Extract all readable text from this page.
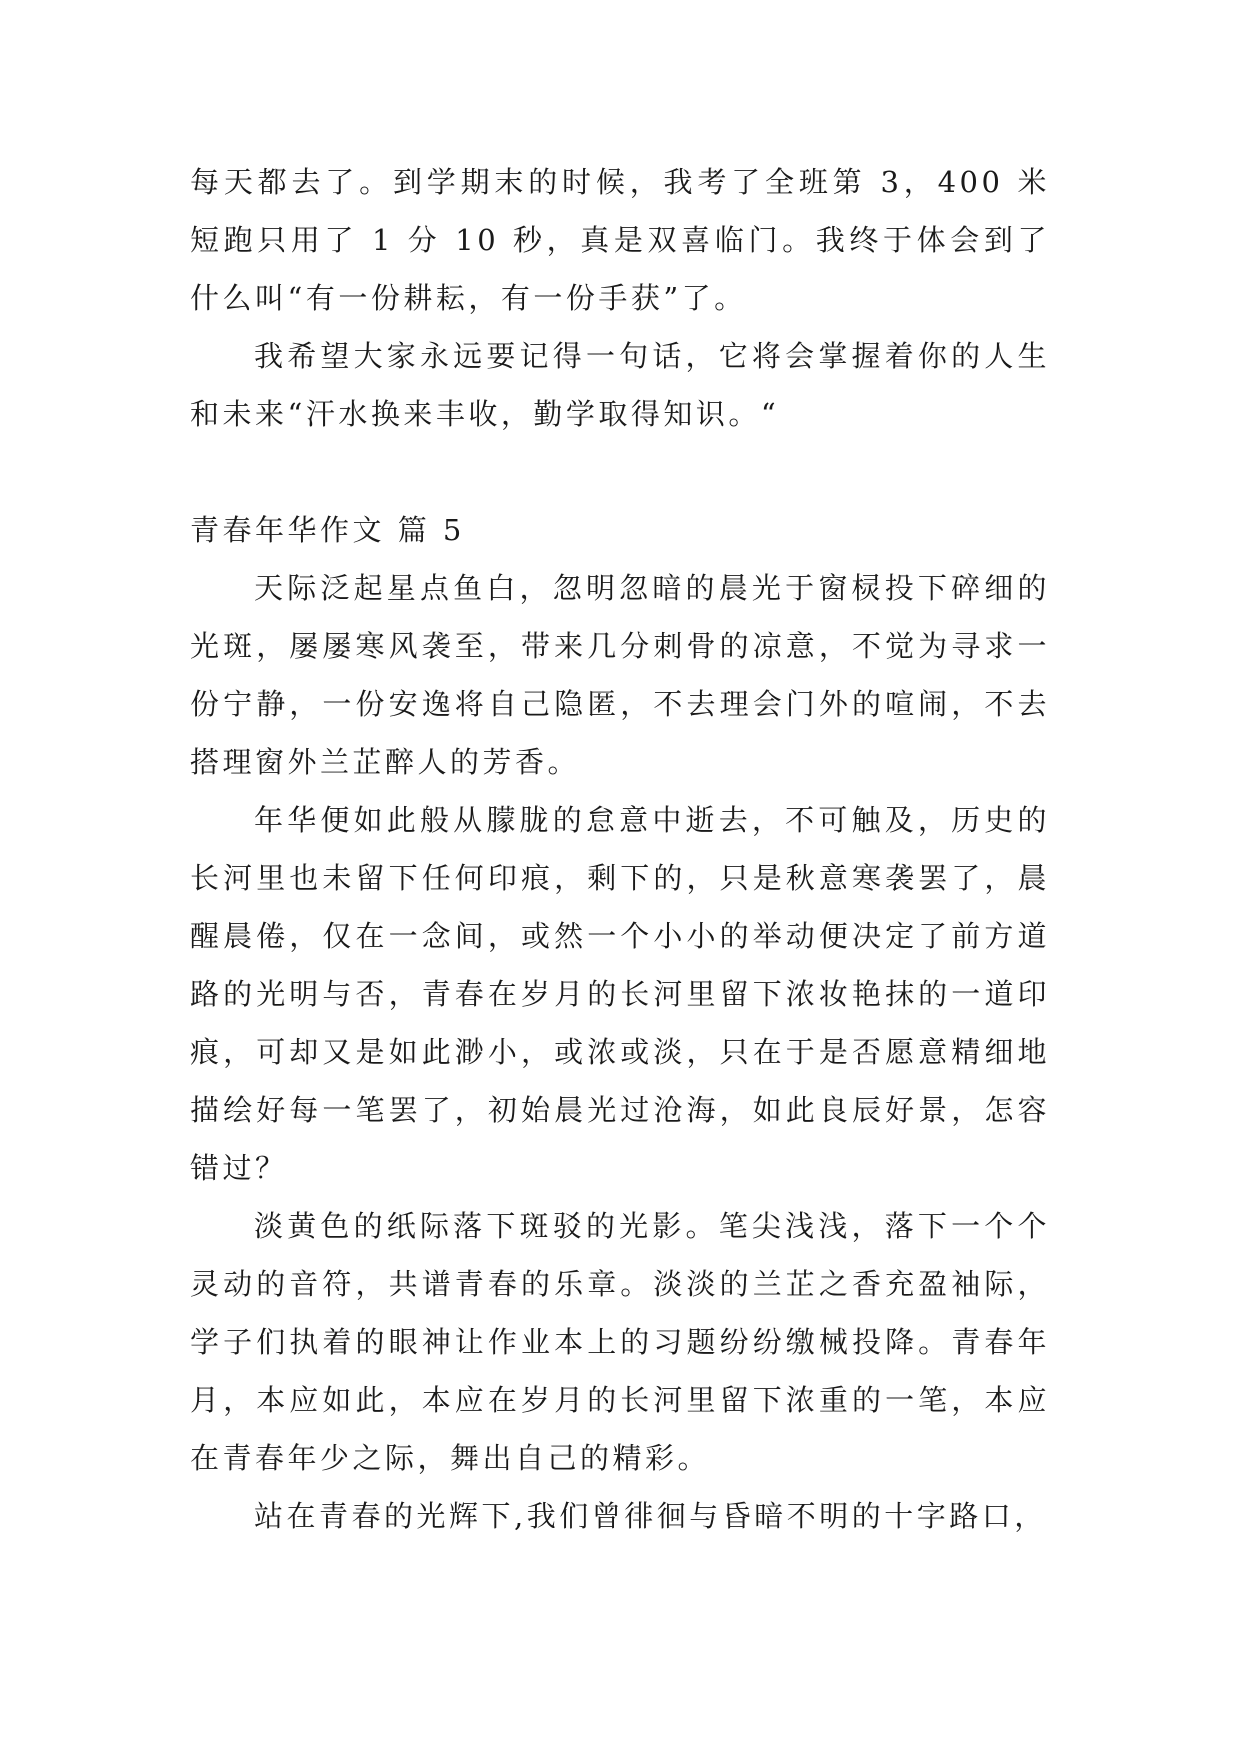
每天都去了。到学期末的时候，我考了全班第 3，400 米短跑只用了 1 分 10 秒，真是双喜临门。我终于体会到了什么叫“有一份耕耘，有一份手获”了。

我希望大家永远要记得一句话，它将会掌握着你的人生和未来“汗水换来丰收，勤学取得知识。“

青春年华作文 篇 5

天际泛起星点鱼白，忽明忽暗的晨光于窗棂投下碎细的光斑，屡屡寒风袭至，带来几分刺骨的凉意，不觉为寻求一份宁静，一份安逸将自己隐匿，不去理会门外的喧闹，不去搭理窗外兰芷醉人的芳香。

年华便如此般从朦胧的怠意中逝去，不可触及，历史的长河里也未留下任何印痕，剩下的，只是秋意寒袭罢了，晨醒晨倦，仅在一念间，或然一个小小的举动便决定了前方道路的光明与否，青春在岁月的长河里留下浓妆艳抹的一道印痕，可却又是如此渺小，或浓或淡，只在于是否愿意精细地描绘好每一笔罢了，初始晨光过沧海，如此良辰好景，怎容错过？

淡黄色的纸际落下斑驳的光影。笔尖浅浅，落下一个个灵动的音符，共谱青春的乐章。淡淡的兰芷之香充盈袖际，学子们执着的眼神让作业本上的习题纷纷缴械投降。青春年月，本应如此，本应在岁月的长河里留下浓重的一笔，本应在青春年少之际，舞出自己的精彩。

站在青春的光辉下,我们曾徘徊与昏暗不明的十字路口，
